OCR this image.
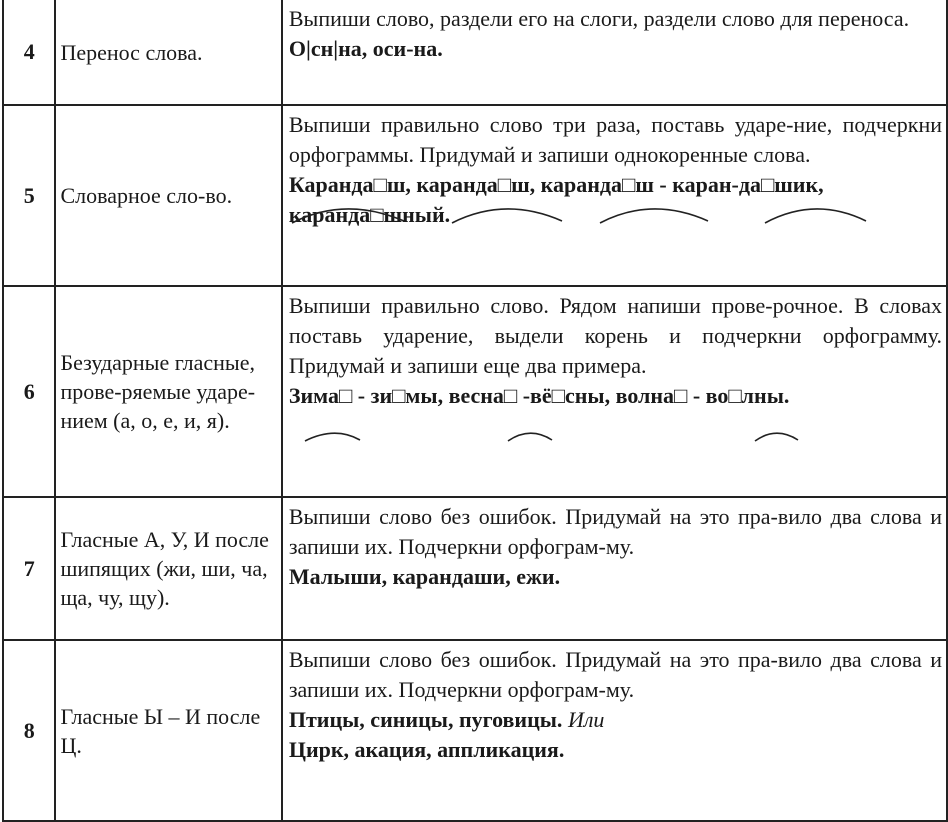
4	Перенос слова.	Выпиши слово, раздели его на слоги, раздели слово для переноса.
О|сн|на, оси-на.

5	Словарное сло-во.	Выпиши правильно слово три раза, поставь ударе-ние, подчеркни орфограммы. Придумай и запиши однокоренные слова.
Каранда□ш, каранда□ш, каранда□ш - каран-да□шик, каранда□шный.

6	Безударные гласные, прове-ряемые ударе-нием (а, о, е, и, я).	Выпиши правильно слово. Рядом напиши прове-рочное. В словах поставь ударение, выдели корень и подчеркни орфограмму. Придумай и запиши еще два примера.
Зима□ - зи□мы, весна□ -вё□сны, волна□ - во□лны.

7	Гласные А, У, И после шипящих (жи, ши, ча, ща, чу, щу).	Выпиши слово без ошибок. Придумай на это пра-вило два слова и запиши их. Подчеркни орфограм-му.
Малыши, карандаши, ежи.

8	Гласные Ы – И после Ц.	Выпиши слово без ошибок. Придумай на это пра-вило два слова и запиши их. Подчеркни орфограм-му.
Птицы, синицы, пуговицы. Или
Цирк, акация, аппликация.
